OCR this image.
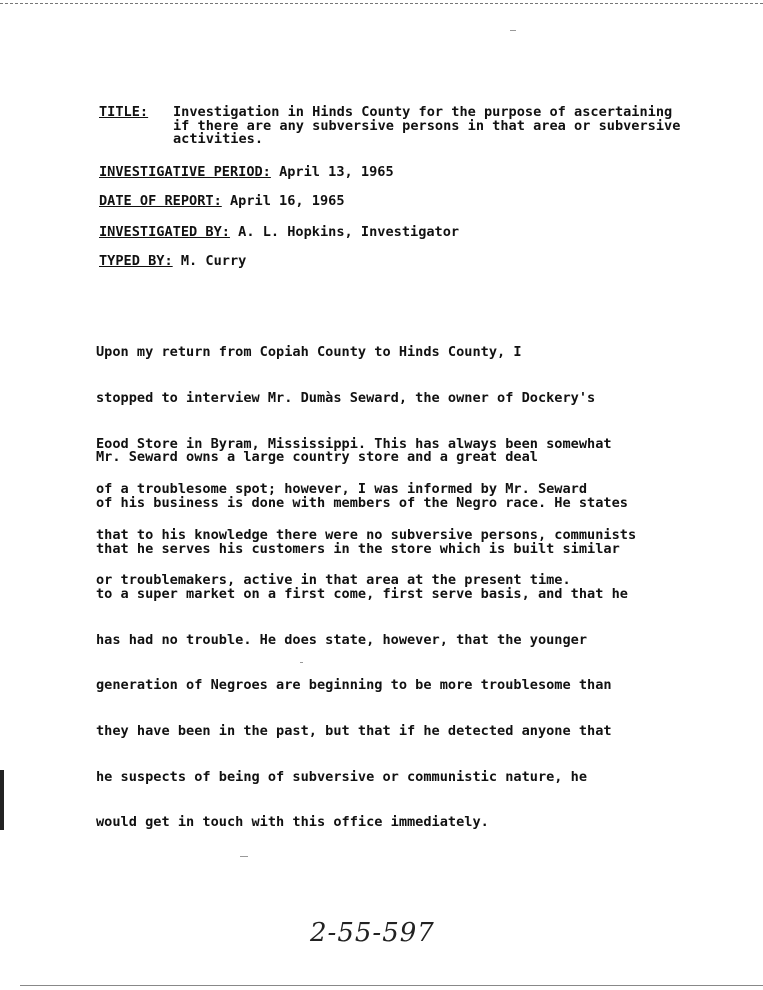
TITLE: Investigation in Hinds County for the purpose of ascertaining
if there are any subversive persons in that area or subversive
activities.
INVESTIGATIVE PERIOD: April 13, 1965
DATE OF REPORT: April 16, 1965
INVESTIGATED BY: A. L. Hopkins, Investigator
TYPED BY: M. Curry

Upon my return from Copiah County to Hinds County, I

stopped to interview Mr. Dumàs Seward, the owner of Dockery's

Eood Store in Byram, Mississippi. This has always been somewhat

of a troublesome spot; however, I was informed by Mr. Seward

that to his knowledge there were no subversive persons, communists

or troublemakers, active in that area at the present time.

Mr. Seward owns a large country store and a great deal

of his business is done with members of the Negro race. He states

that he serves his customers in the store which is built similar

to a super market on a first come, first serve basis, and that he

has had no trouble. He does state, however, that the younger

generation of Negroes are beginning to be more troublesome than

they have been in the past, but that if he detected anyone that

he suspects of being of subversive or communistic nature, he

would get in touch with this office immediately.

2-55-597
